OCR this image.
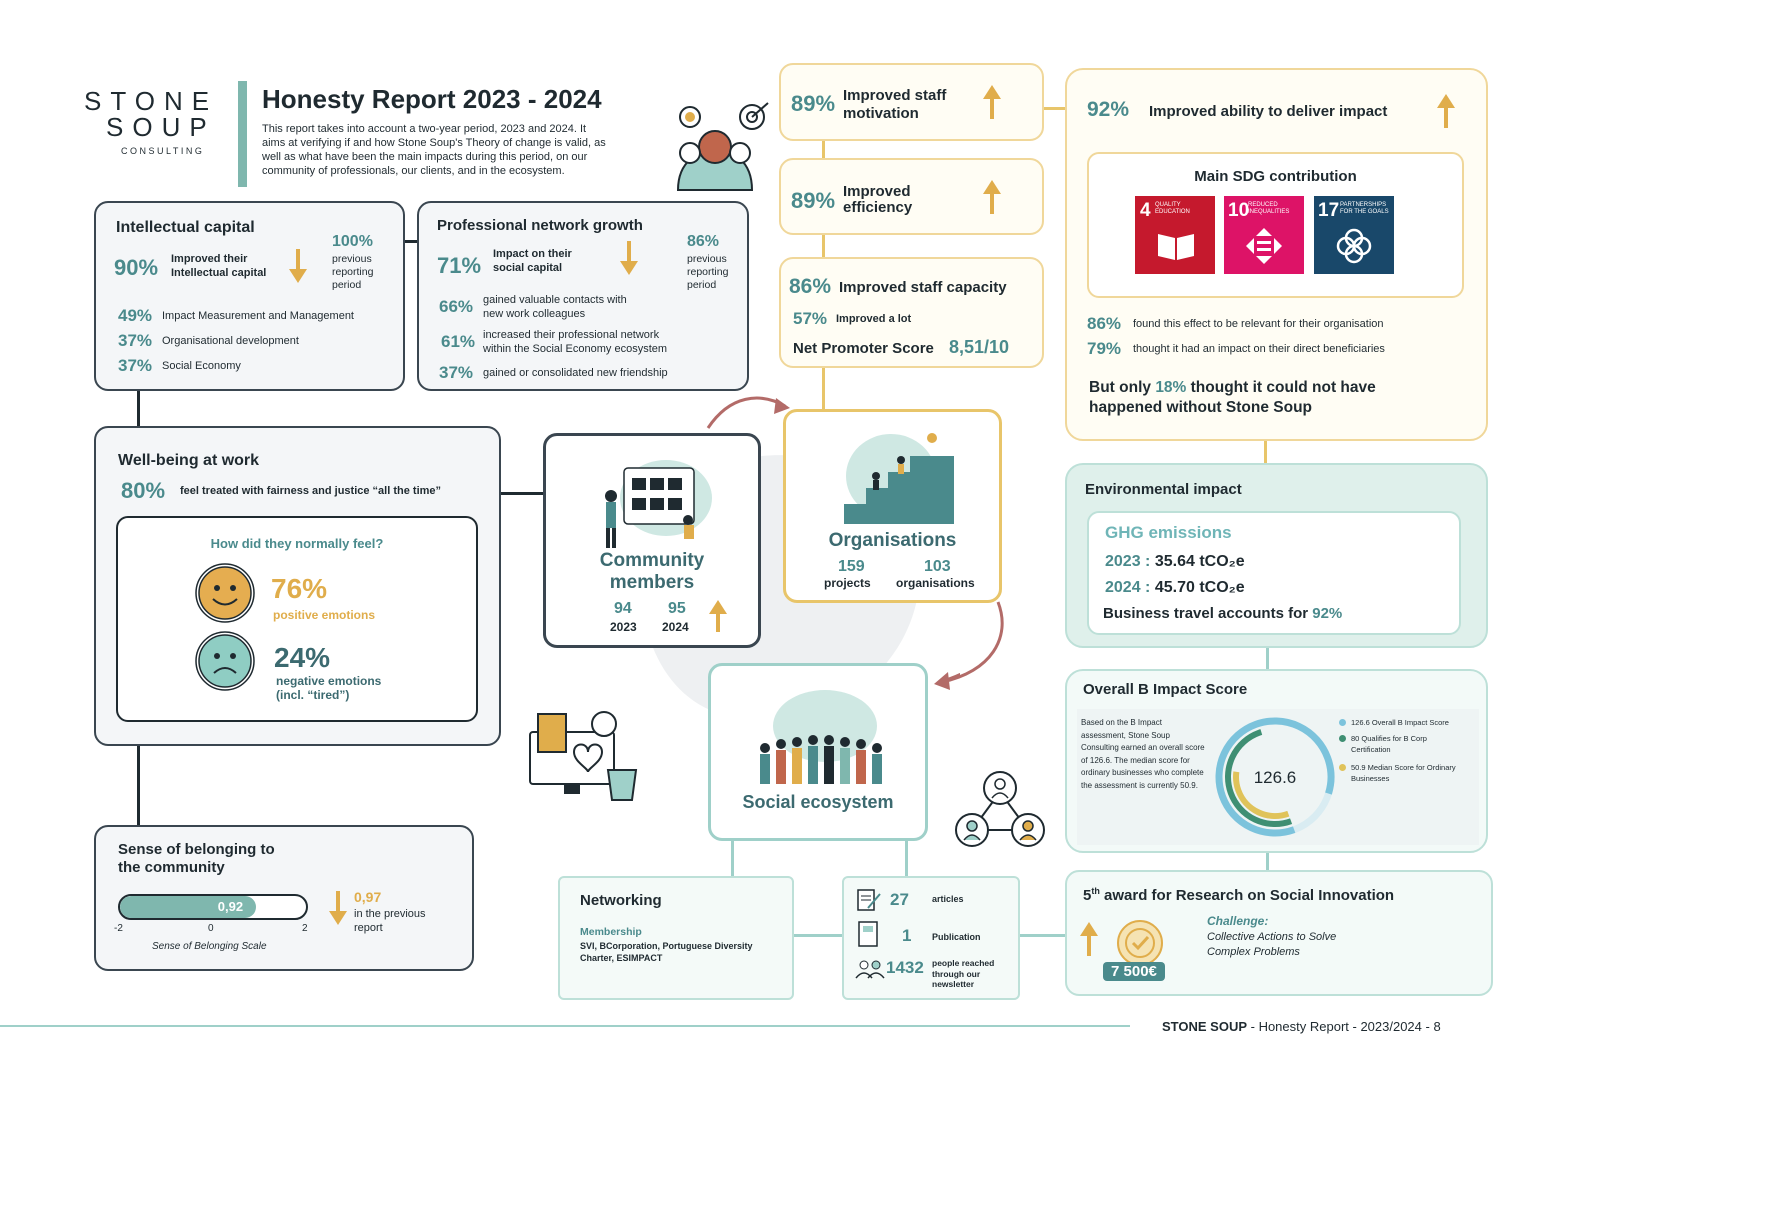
STONE
SOUP
CONSULTING
Honesty Report 2023 - 2024
This report takes into account a two-year period, 2023 and 2024. It aims at verifying if and how Stone Soup's Theory of change is valid, as well as what have been the main impacts during this period, on our community of professionals, our clients, and in the ecosystem.
Intellectual capital
90% Improved their Intellectual capital
100%
previous reporting period
49% Impact Measurement and Management
37% Organisational development
37% Social Economy
Professional network growth
71% Impact on their social capital
86%
previous reporting period
66% gained valuable contacts with new work colleagues
61% increased their professional network within the Social Economy ecosystem
37% gained or consolidated new friendship
Well-being at work
80% feel treated with fairness and justice “all the time”
How did they normally feel?
76%
positive emotions
24%
negative emotions (incl. “tired”)
Sense of belonging to the community
0,92
-2	0	2
Sense of Belonging Scale
0,97
in the previous report
Community members
94
2023
95
2024
Organisations
159
projects
103
organisations
Social ecosystem
89% Improved staff motivation
89% Improved efficiency
86% Improved staff capacity
57% Improved a lot
Net Promoter Score 8,51/10
92% Improved ability to deliver impact
Main SDG contribution
4 QUALITY EDUCATION 10
REDUCED INEQUALITIES	17 PARTNERSHIPS FOR THE GOALS
86%	found this effect to be relevant for their organisation
79%	thought it had an impact on their direct beneficiaries
But only 18% thought it could not have happened without Stone Soup
Environmental impact
GHG emissions
2023 : 35.64 tCO₂e
2024 : 45.70 tCO₂e
Business travel accounts for 92%
Overall B Impact Score
Based on the B Impact assessment, Stone Soup Consulting earned an overall score of 126.6. The median score for ordinary businesses who complete the assessment is currently 50.9.	126.6
126.6 Overall B Impact Score
80 Qualifies for B Corp Certification
50.9 Median Score for Ordinary Businesses
Networking
Membership
SVI, BCorporation, Portuguese Diversity Charter, ESIMPACT
27	articles
1 Publication
1432 people reached through our newsletter
5th award for Research on Social Innovation
7 500€
Challenge:
Collective Actions to Solve Complex Problems
STONE SOUP - Honesty Report - 2023/2024 - 8
